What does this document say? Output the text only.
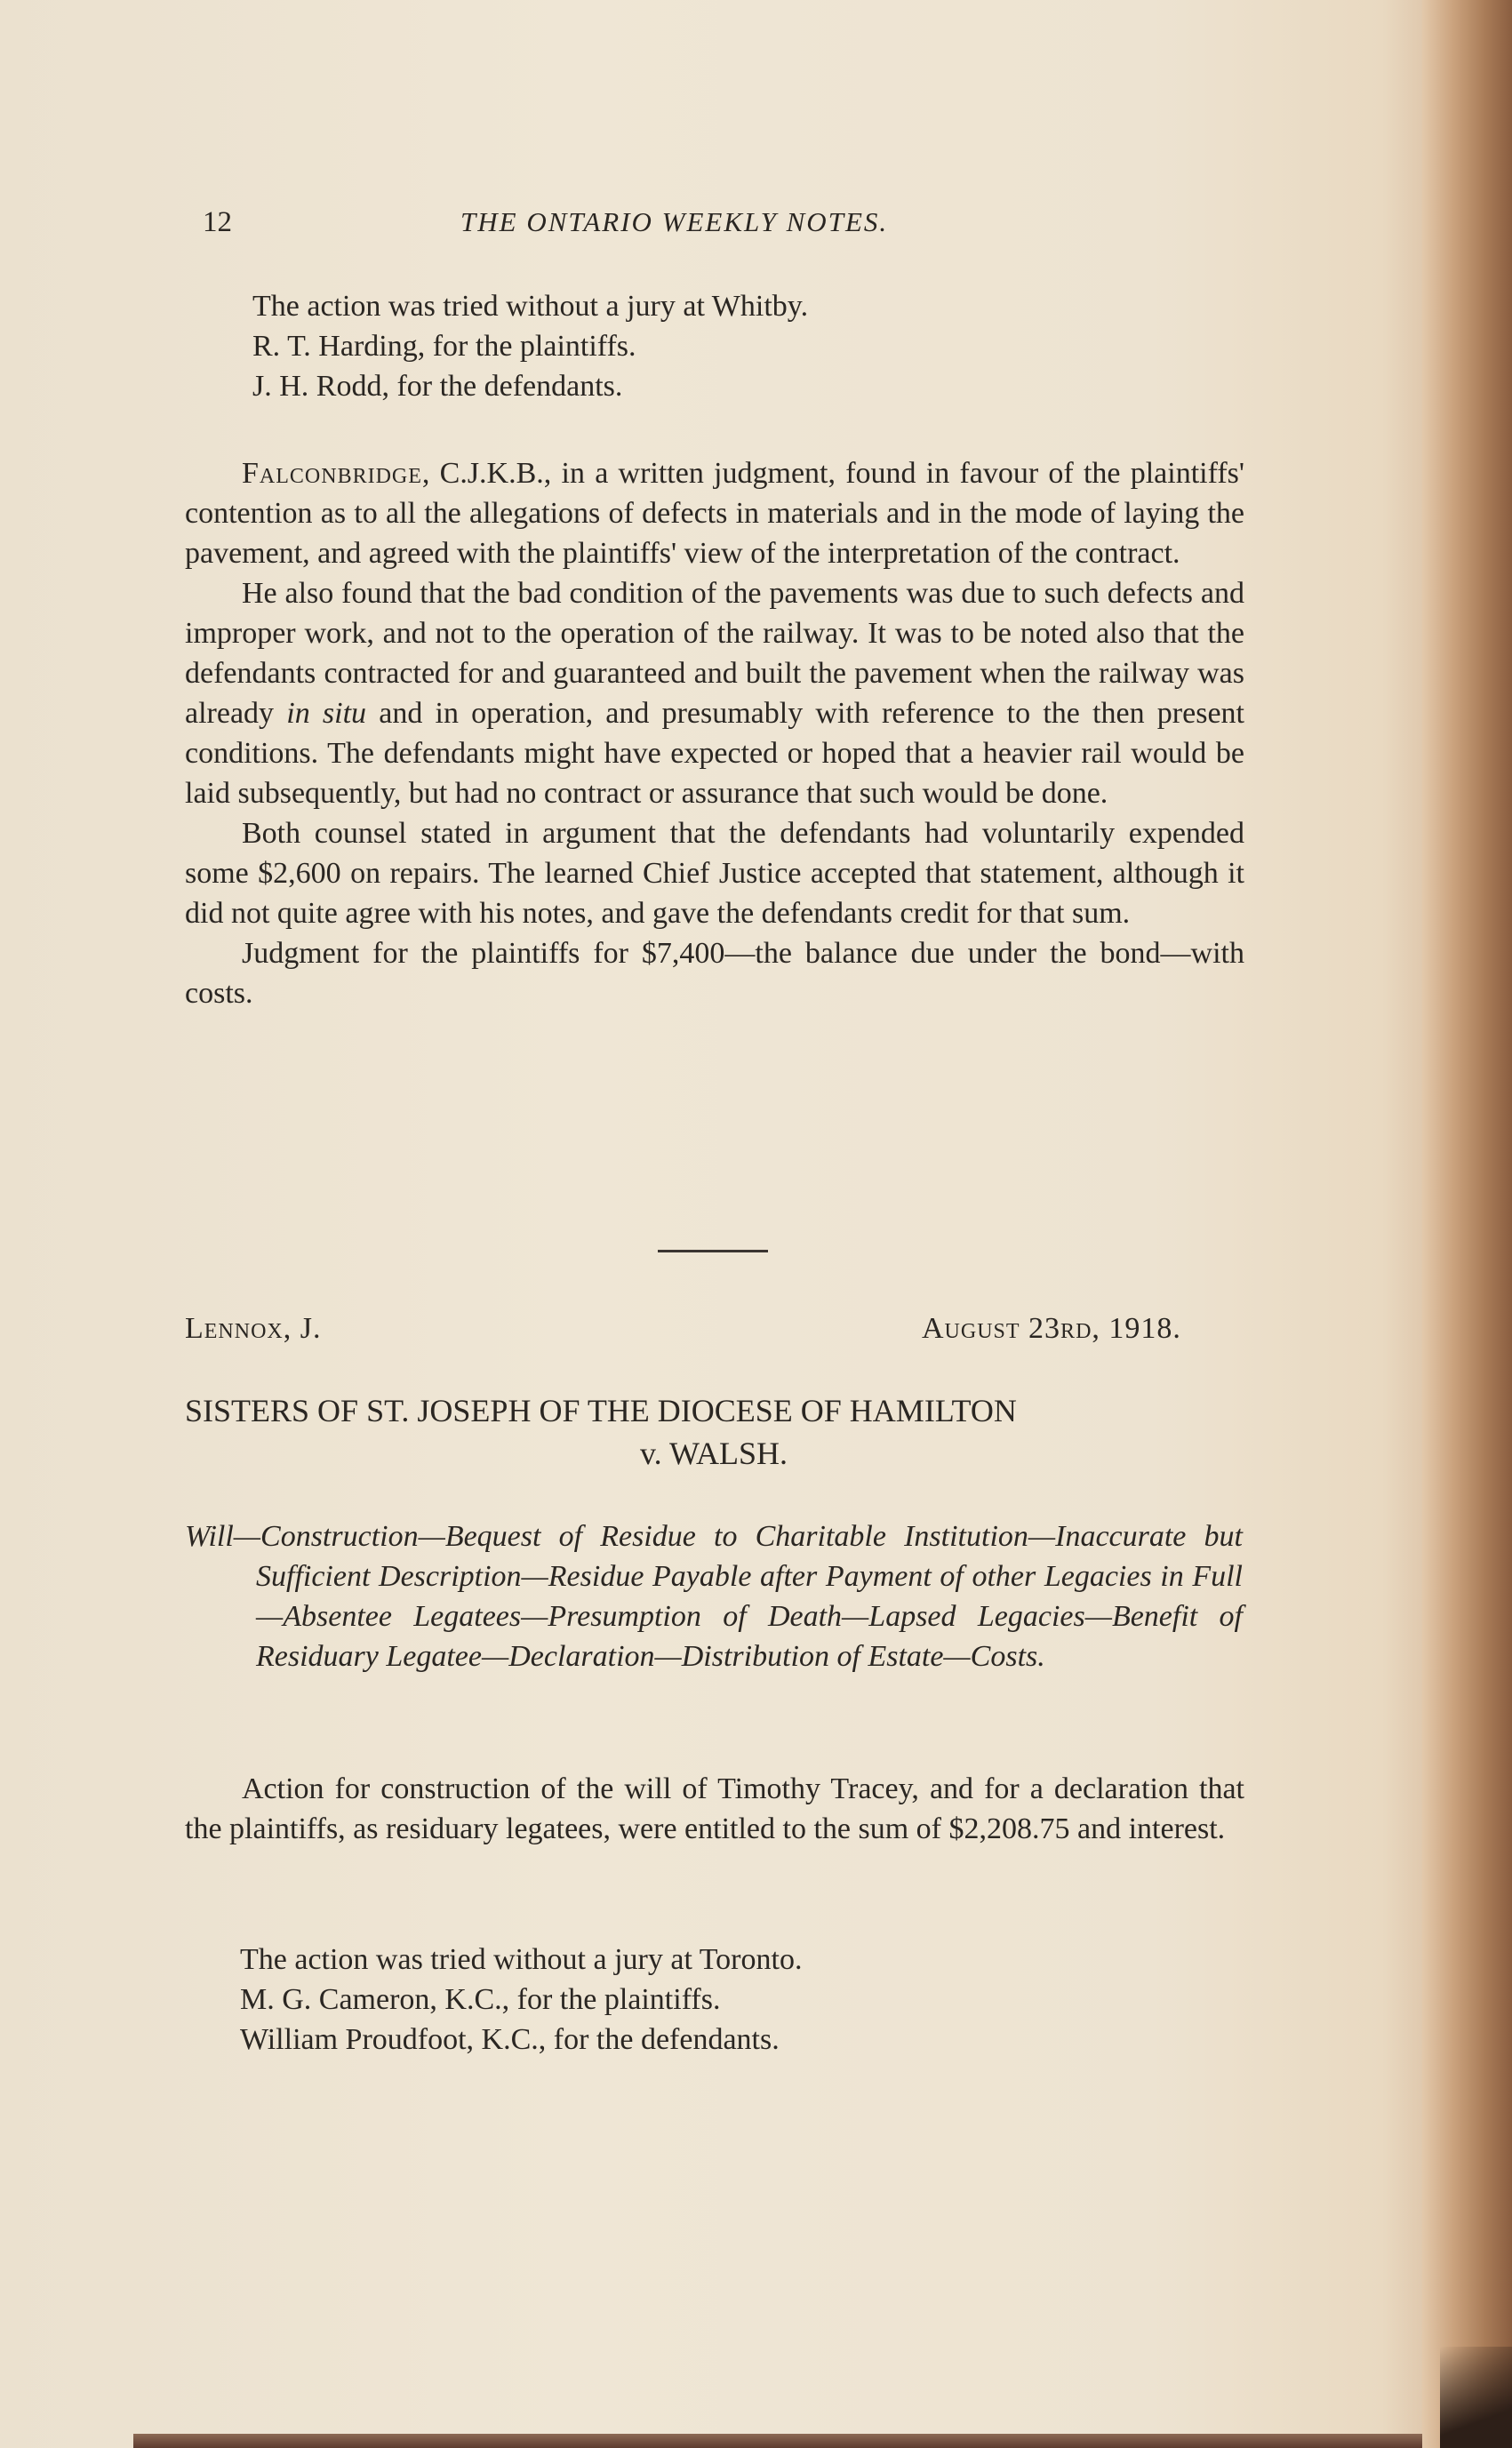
12	THE ONTARIO WEEKLY NOTES.
The action was tried without a jury at Whitby.
R. T. Harding, for the plaintiffs.
J. H. Rodd, for the defendants.

Falconbridge, C.J.K.B., in a written judgment, found in favour of the plaintiffs' contention as to all the allegations of defects in materials and in the mode of laying the pavement, and agreed with the plaintiffs' view of the interpretation of the contract.

He also found that the bad condition of the pavements was due to such defects and improper work, and not to the operation of the railway. It was to be noted also that the defendants contracted for and guaranteed and built the pavement when the railway was already in situ and in operation, and presumably with reference to the then present conditions. The defendants might have expected or hoped that a heavier rail would be laid subsequently, but had no contract or assurance that such would be done.

Both counsel stated in argument that the defendants had voluntarily expended some $2,600 on repairs. The learned Chief Justice accepted that statement, although it did not quite agree with his notes, and gave the defendants credit for that sum.

Judgment for the plaintiffs for $7,400—the balance due under the bond—with costs.

Lennox, J.	August 23rd, 1918.
SISTERS OF ST. JOSEPH OF THE DIOCESE OF HAMILTON
v. WALSH.
Will—Construction—Bequest of Residue to Charitable Institution—Inaccurate but Sufficient Description—Residue Payable after Payment of other Legacies in Full—Absentee Legatees—Presumption of Death—Lapsed Legacies—Benefit of Residuary Legatee—Declaration—Distribution of Estate—Costs.

Action for construction of the will of Timothy Tracey, and for a declaration that the plaintiffs, as residuary legatees, were entitled to the sum of $2,208.75 and interest.

The action was tried without a jury at Toronto.
M. G. Cameron, K.C., for the plaintiffs.
William Proudfoot, K.C., for the defendants.
